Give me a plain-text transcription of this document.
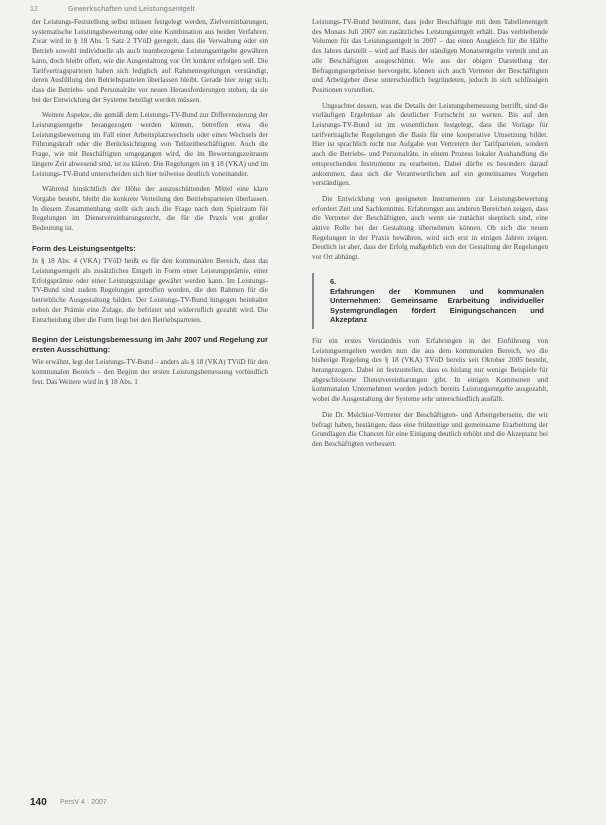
12	Gewerkschaften und Leistungsentgelt

der Leistungs-Feststellung selbst müssen festgelegt werden, Zielvereinbarungen, systematische Leistungsbewertung oder eine Kombination aus beiden Verfahren. Zwar wird in § 18 Abs. 5 Satz 2 TVöD geregelt, dass die Verwaltung oder ein Betrieb sowohl individuelle als auch teambezogene Leistungsentgelte gewähren kann, doch bleibt offen, wie die Ausgestaltung vor Ort konkret erfolgen soll. Die Tarifvertragsparteien haben sich lediglich auf Rahmenregelungen verständigt, deren Ausfüllung den Betriebsparteien überlassen bleibt. Gerade hier zeigt sich, dass die Betriebs- und Personalräte vor neuen Herausforderungen stehen, da sie bei der Entwicklung der Systeme beteiligt werden müssen.

Weitere Aspekte, die gemäß dem Leistungs-TV-Bund zur Differenzierung der Leistungsentgelte herangezogen werden können, betreffen etwa die Leistungsbewertung im Fall einer Arbeitsplatzwechsels oder eines Wechsels der Führungskraft oder die Berücksichtigung von Teilzeitbeschäftigten. Auch die Frage, wie mit Beschäftigten umgegangen wird, die im Bewertungszeitraum längere Zeit abwesend sind, ist zu klären. Die Regelungen im § 18 (VKA) und im Leistungs-TV-Bund unterscheiden sich hier teilweise deutlich voneinander.

Während hinsichtlich der Höhe der auszuschüttenden Mittel eine klare Vorgabe besteht, bleibt die konkrete Verteilung den Betriebsparteien überlassen. In diesem Zusammenhang stellt sich auch die Frage nach dem Spielraum für Regelungen im Dienstvereinbarungsrecht, die für die Praxis von großer Bedeutung ist.

Form des Leistungsentgelts:

In § 18 Abs. 4 (VKA) TVöD heißt es für den kommunalen Bereich, dass das Leistungsentgelt als zusätzliches Entgelt in Form einer Leistungsprämie, einer Erfolgsprämie oder einer Leistungszulage gewährt werden kann. Im Leistungs-TV-Bund sind zudem Regelungen getroffen worden, die den Rahmen für die betriebliche Ausgestaltung bilden. Der Leistungs-TV-Bund hingegen beinhaltet neben der Prämie eine Zulage, die befristet und widerruflich gezahlt wird. Die Entscheidung über die Form liegt bei den Betriebsparteien.

Beginn der Leistungsbemessung im Jahr 2007 und Regelung zur ersten Ausschüttung:

Wie erwähnt, legt der Leistungs-TV-Bund – anders als § 18 (VKA) TVöD für den kommunalen Bereich – den Beginn der ersten Leistungsbemessung verbindlich fest. Das Weitere wird in § 18 Abs. 1

Leistungs-TV-Bund bestimmt, dass jeder Beschäftigte mit dem Tabellenentgelt des Monats Juli 2007 ein zusätzliches Leistungsentgelt erhält. Das verbleibende Volumen für das Leistungsentgelt in 2007 – das einen Ausgleich für die Hälfte des Jahres darstellt – wird auf Basis der ständigen Monatsentgelte verteilt und an alle Beschäftigten ausgeschüttet. Wie aus der obigen Darstellung der Befragungsergebnisse hervorgeht, können sich auch Vertreter der Beschäftigten und Arbeitgeber diese unterschiedlich begründeten, jedoch in sich schlüssigen Positionen vorstellen.

Ungeachtet dessen, was die Details der Leistungsbemessung betrifft, sind die vorläufigen Ergebnisse als deutlicher Fortschritt zu werten. Bis auf den Leistungs-TV-Bund ist im wesentlichen festgelegt, dass die Vorlage für tarifvertragliche Regelungen die Basis für eine kooperative Umsetzung bildet. Hier ist sprachlich nicht nur Aufgabe von Vertretern der Tarifparteien, sondern auch die Betriebs- und Personalräte, in einem Prozess lokaler Aushandlung die entsprechenden Instrumente zu erarbeiten. Dabei dürfte es besonders darauf ankommen, dass sich die Verantwortlichen auf ein gemeinsames Vorgehen verständigen.

Die Entwicklung von geeigneten Instrumenten zur Leistungsbewertung erfordert Zeit und Sachkenntnis. Erfahrungen aus anderen Bereichen zeigen, dass die Vertreter der Beschäftigten, auch wenn sie zunächst skeptisch sind, eine aktive Rolle bei der Gestaltung übernehmen können. Ob sich die neuen Regelungen in der Praxis bewähren, wird sich erst in einigen Jahren zeigen. Deutlich ist aber, dass der Erfolg maßgeblich von der Gestaltung der Regelungen vor Ort abhängt.

6.
Erfahrungen der Kommunen und kommunalen Unternehmen: Gemeinsame Erarbeitung individueller Systemgrundlagen fördert Einigungschancen und Akzeptanz

Für ein erstes Verständnis von Erfahrungen in der Einführung von Leistungsentgelten werden nun die aus dem kommunalen Bereich, wo die bisherige Regelung des § 18 (VKA) TVöD bereits seit Oktober 2005 besteht, herangezogen. Dabei ist festzustellen, dass es bislang nur wenige Beispiele für abgeschlossene Dienstvereinbarungen gibt. In einigen Kommunen und kommunalen Unternehmen wurden jedoch bereits Leistungsentgelte ausgezahlt, wobei die Ausgestaltung der Systeme sehr unterschiedlich ausfällt.

Die Dr. Melchior-Vertreter der Beschäftigten- und Arbeitgeberseite, die wir befragt haben, bestätigen, dass eine frühzeitige und gemeinsame Erarbeitung der Grundlagen die Chancen für eine Einigung deutlich erhöht und die Akzeptanz bei den Beschäftigten verbessert.

140 PersV 4 · 2007
